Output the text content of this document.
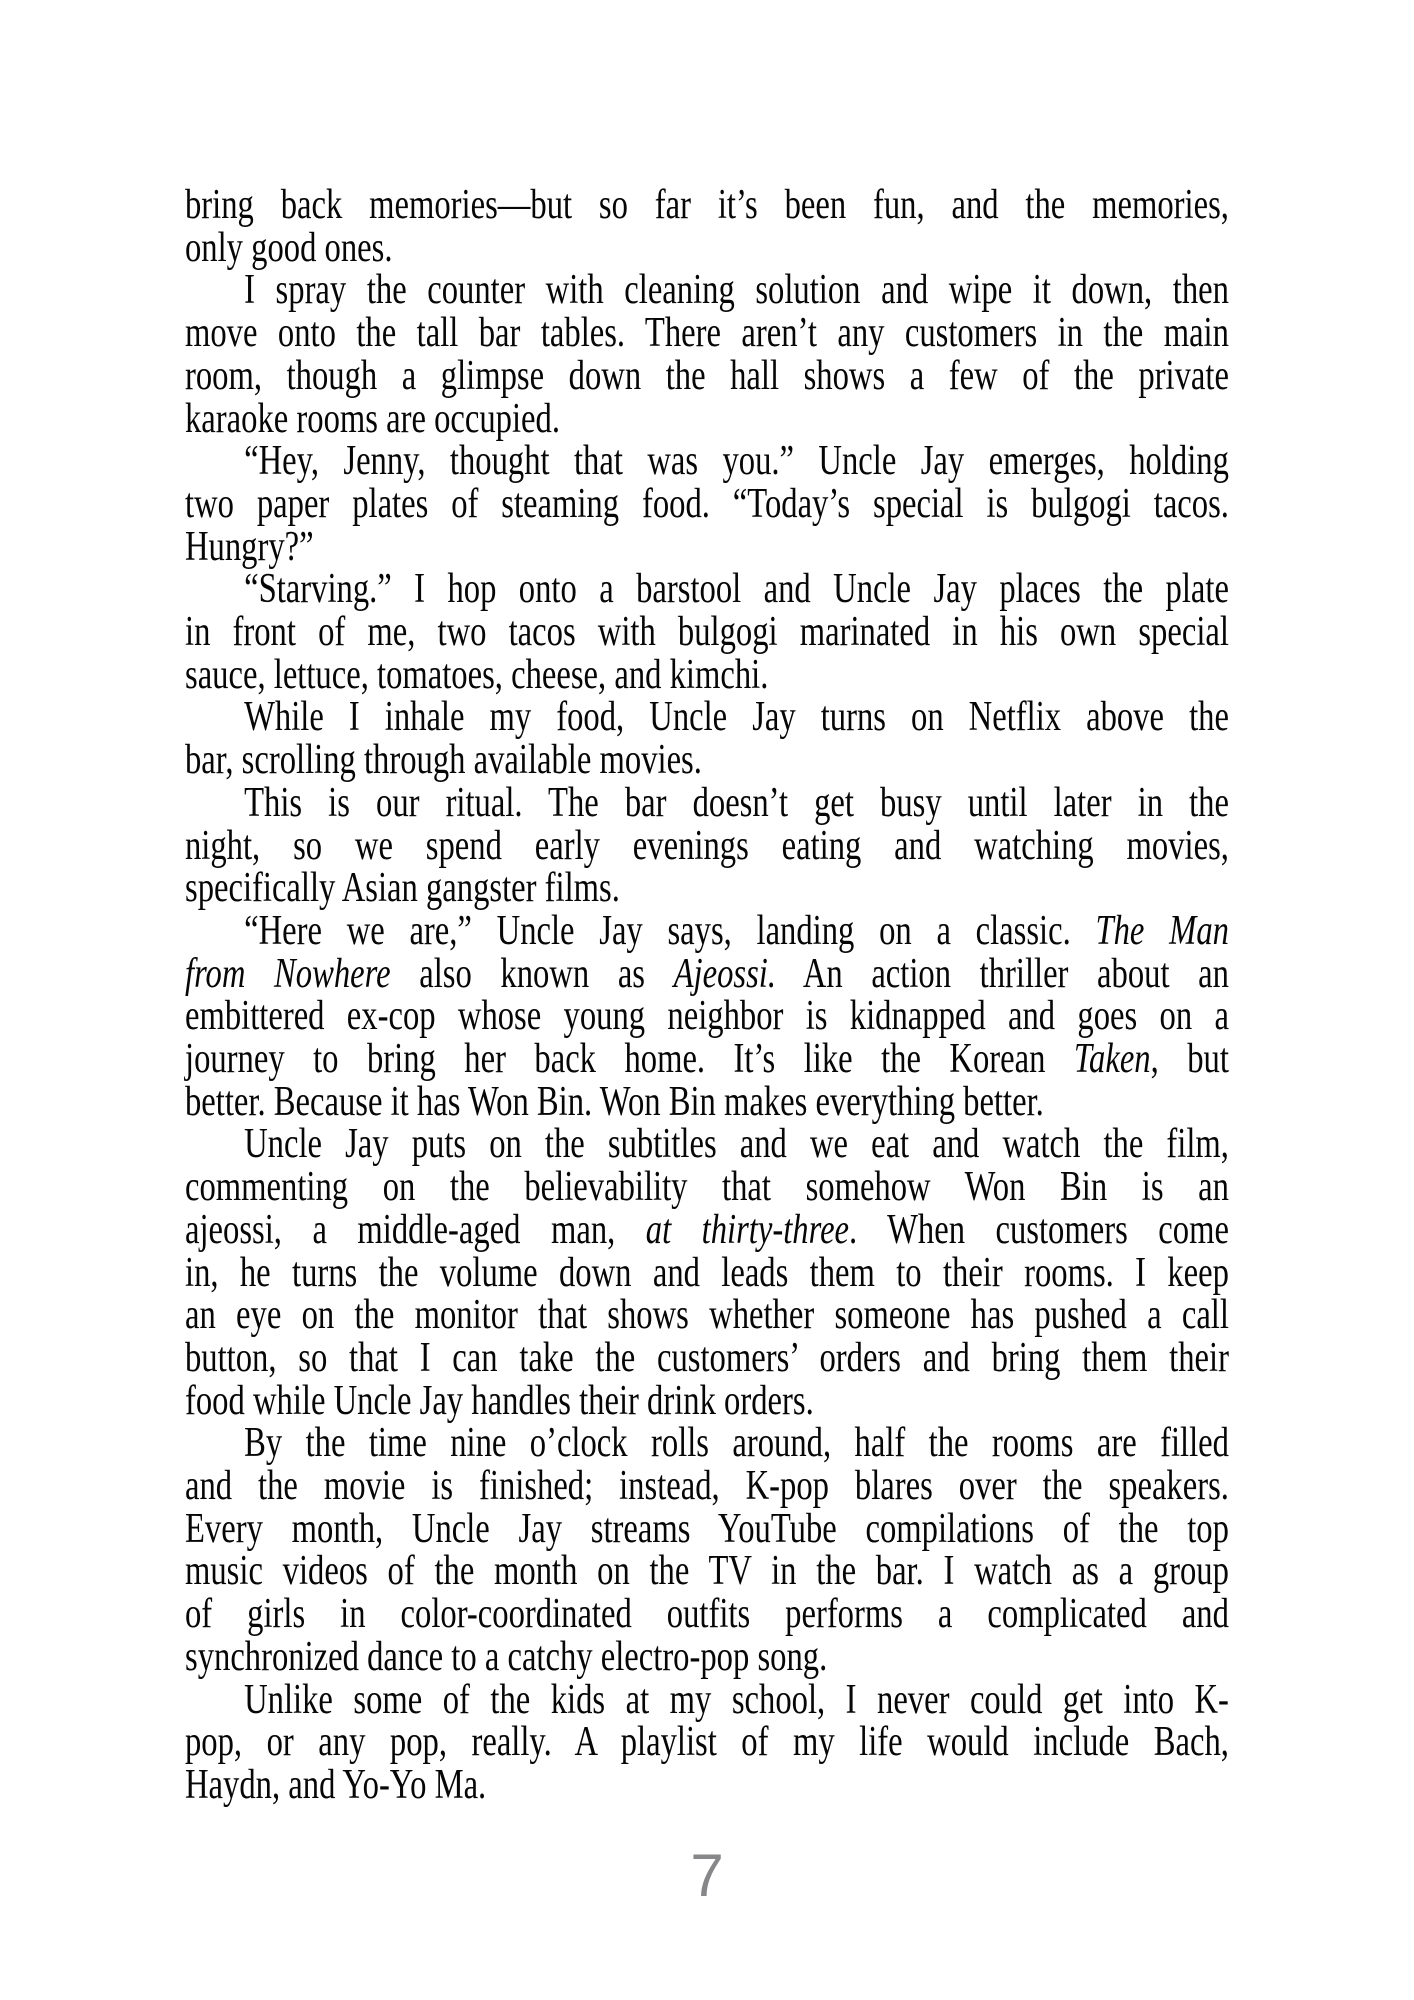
bring back memories—but so far it’s been fun, and the memories,
only good ones.
I spray the counter with cleaning solution and wipe it down, then
move onto the tall bar tables. There aren’t any customers in the main
room, though a glimpse down the hall shows a few of the private
karaoke rooms are occupied.
“Hey, Jenny, thought that was you.” Uncle Jay emerges, holding
two paper plates of steaming food. “Today’s special is bulgogi tacos.
Hungry?”
“Starving.” I hop onto a barstool and Uncle Jay places the plate
in front of me, two tacos with bulgogi marinated in his own special
sauce, lettuce, tomatoes, cheese, and kimchi.
While I inhale my food, Uncle Jay turns on Netflix above the
bar, scrolling through available movies.
This is our ritual. The bar doesn’t get busy until later in the
night, so we spend early evenings eating and watching movies,
specifically Asian gangster films.
“Here we are,” Uncle Jay says, landing on a classic. The Man
from Nowhere also known as Ajeossi. An action thriller about an
embittered ex-cop whose young neighbor is kidnapped and goes on a
journey to bring her back home. It’s like the Korean Taken, but
better. Because it has Won Bin. Won Bin makes everything better.
Uncle Jay puts on the subtitles and we eat and watch the film,
commenting on the believability that somehow Won Bin is an
ajeossi, a middle-aged man, at thirty-three. When customers come
in, he turns the volume down and leads them to their rooms. I keep
an eye on the monitor that shows whether someone has pushed a call
button, so that I can take the customers’ orders and bring them their
food while Uncle Jay handles their drink orders.
By the time nine o’clock rolls around, half the rooms are filled
and the movie is finished; instead, K-pop blares over the speakers.
Every month, Uncle Jay streams YouTube compilations of the top
music videos of the month on the TV in the bar. I watch as a group
of girls in color-coordinated outfits performs a complicated and
synchronized dance to a catchy electro-pop song.
Unlike some of the kids at my school, I never could get into K-
pop, or any pop, really. A playlist of my life would include Bach,
Haydn, and Yo-Yo Ma.
7
